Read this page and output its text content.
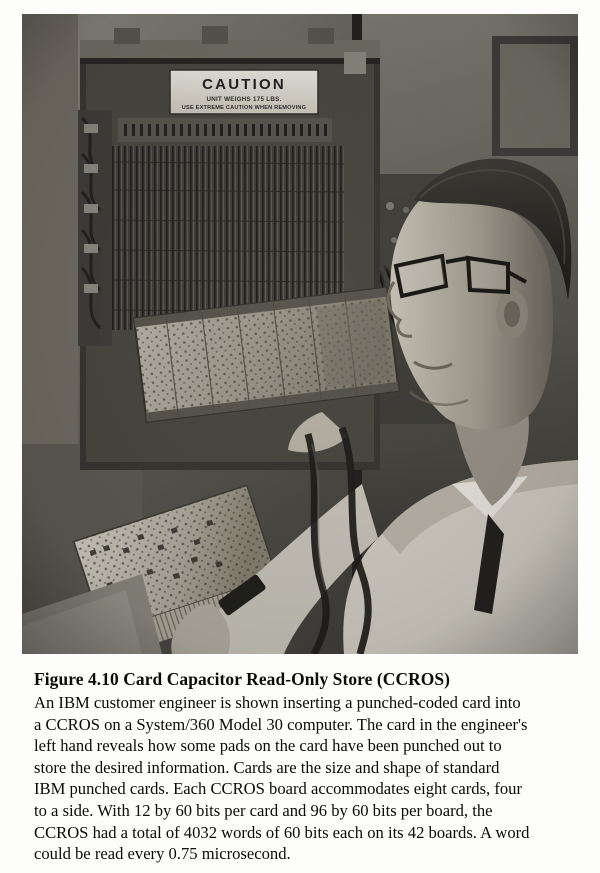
Figure 4.10 Card Capacitor Read-Only Store (CCROS)

An IBM customer engineer is shown inserting a punched-coded card into
a CCROS on a System/360 Model 30 computer. The card in the engineer's
left hand reveals how some pads on the card have been punched out to
store the desired information. Cards are the size and shape of standard
IBM punched cards. Each CCROS board accommodates eight cards, four
to a side. With 12 by 60 bits per card and 96 by 60 bits per board, the
CCROS had a total of 4032 words of 60 bits each on its 42 boards. A word
could be read every 0.75 microsecond.
